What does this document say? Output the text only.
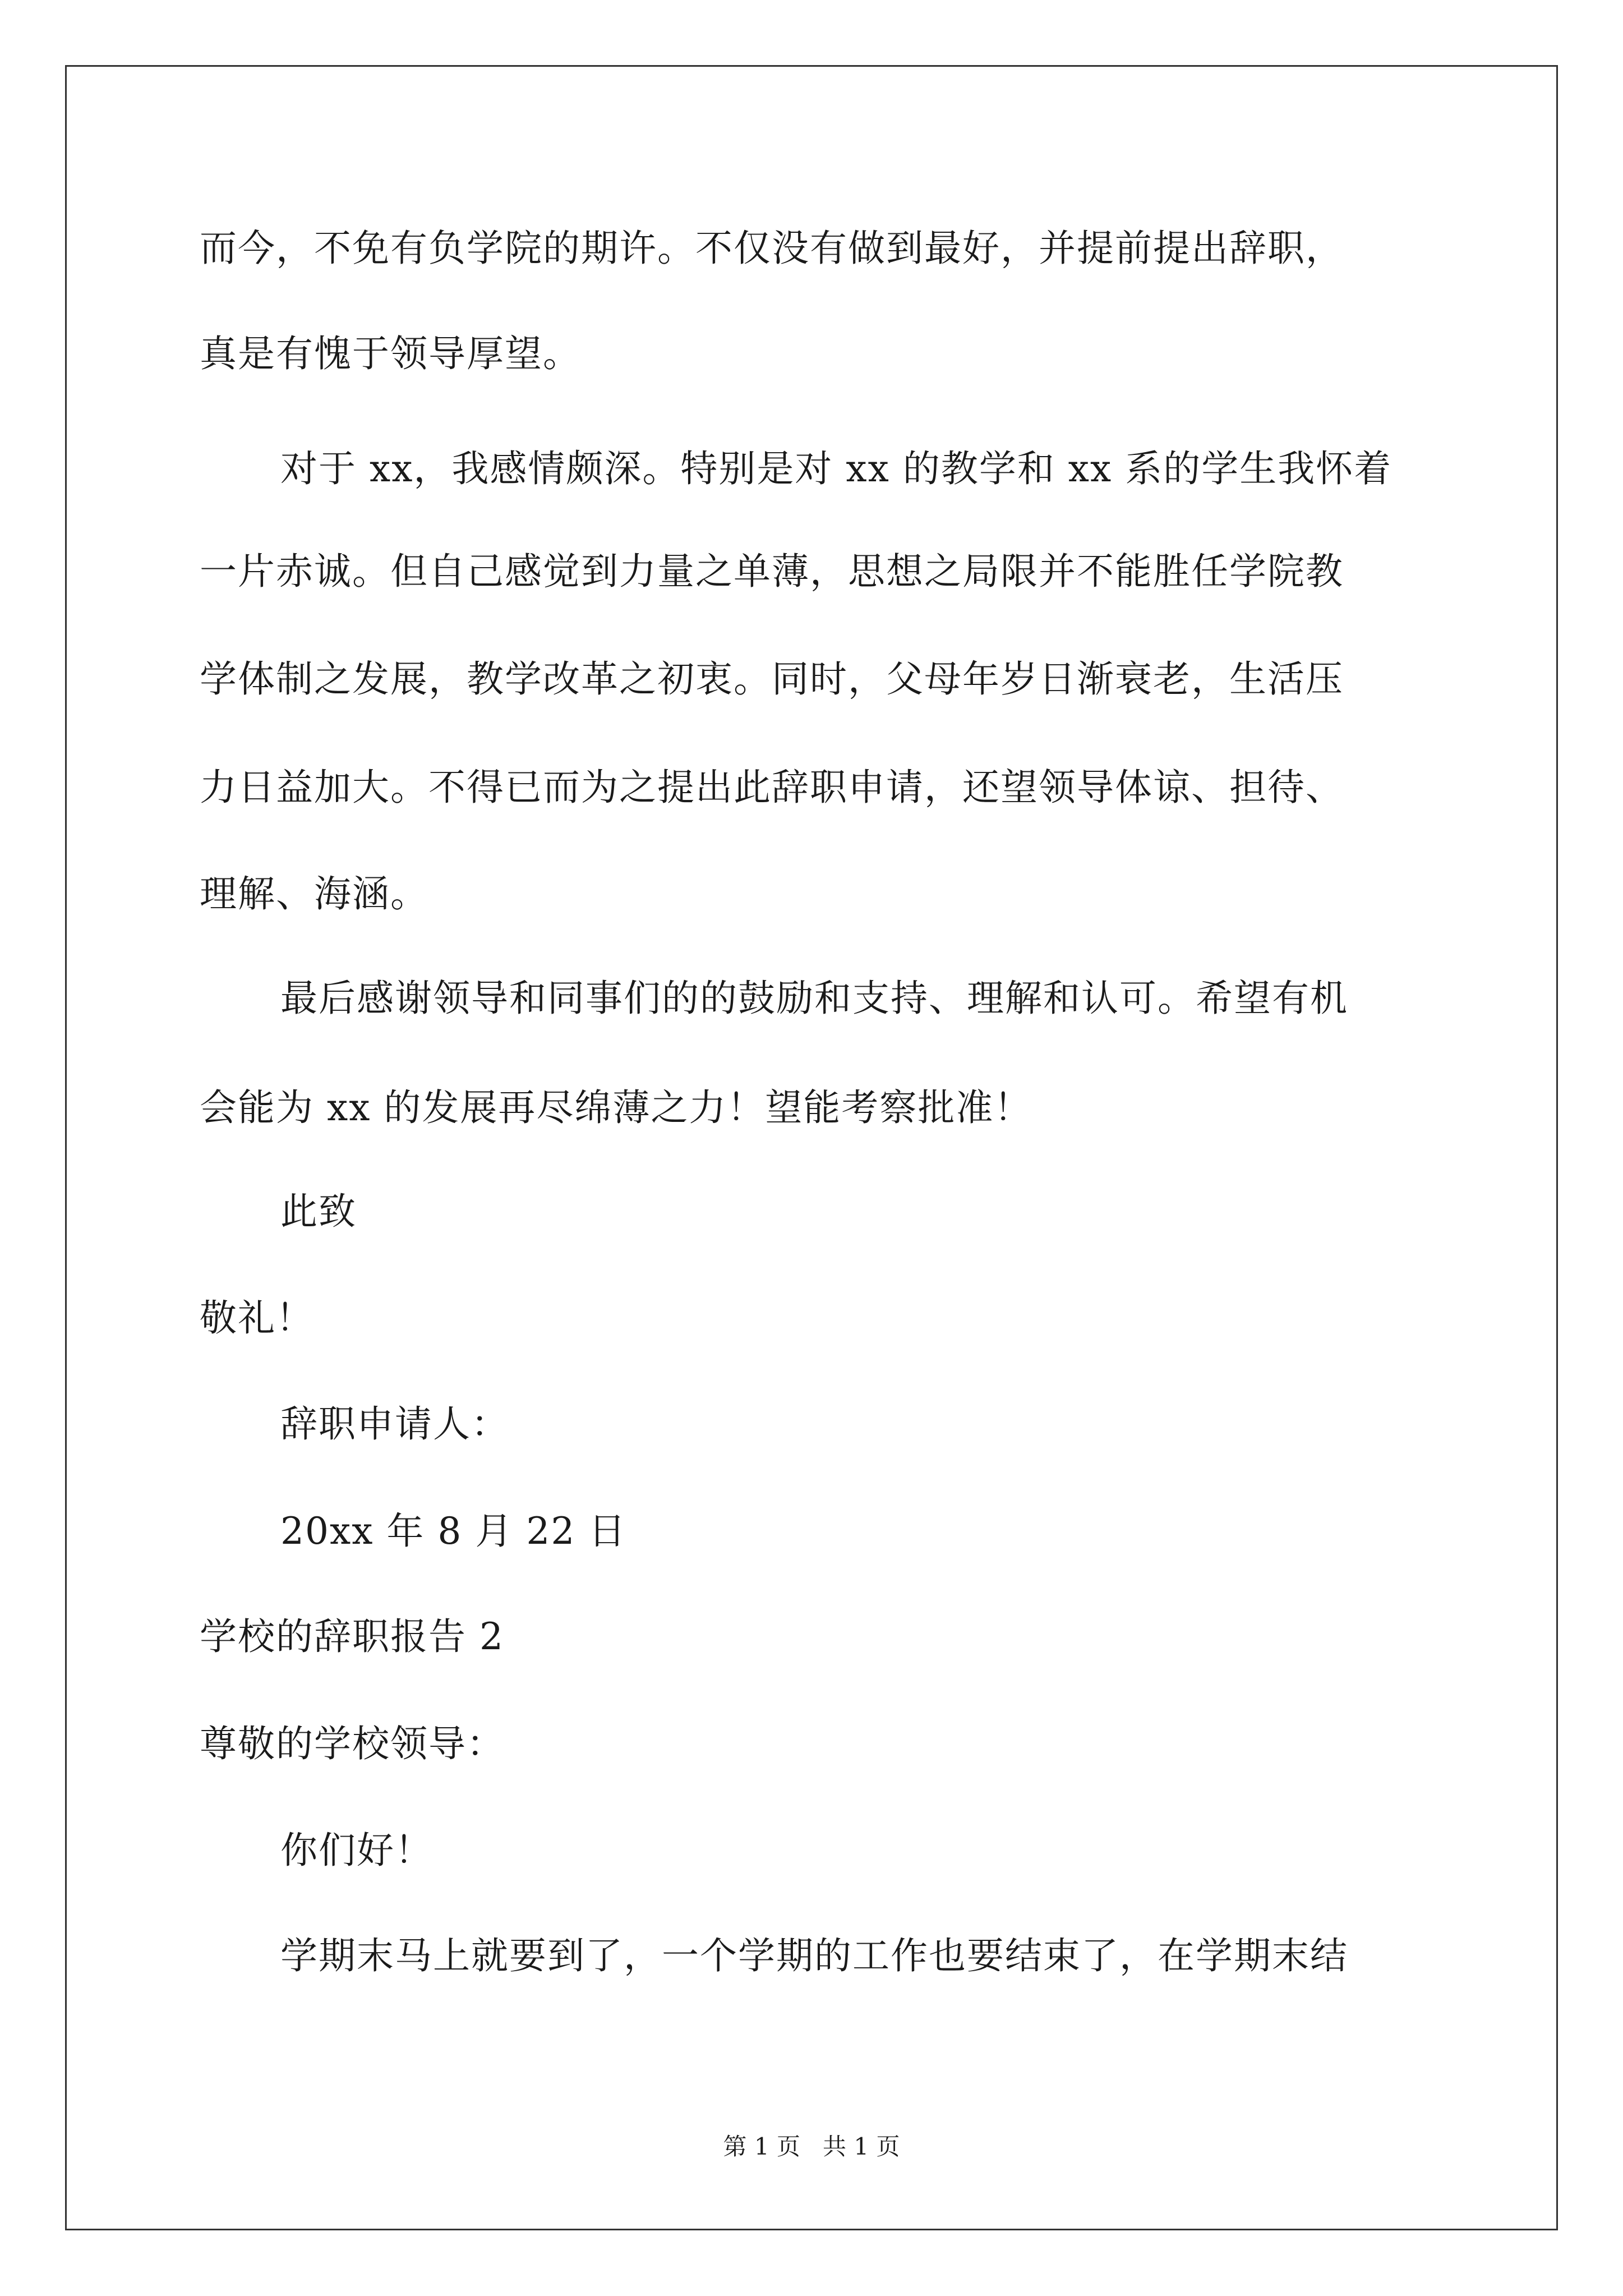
而今，不免有负学院的期许。不仅没有做到最好，并提前提出辞职，
真是有愧于领导厚望。
对于 xx，我感情颇深。特别是对 xx 的教学和 xx 系的学生我怀着
一片赤诚。但自己感觉到力量之单薄，思想之局限并不能胜任学院教
学体制之发展，教学改革之初衷。同时，父母年岁日渐衰老，生活压
力日益加大。不得已而为之提出此辞职申请，还望领导体谅、担待、
理解、海涵。
最后感谢领导和同事们的的鼓励和支持、理解和认可。希望有机
会能为 xx 的发展再尽绵薄之力！望能考察批准！
此致
敬礼！
辞职申请人：
20xx 年 8 月 22 日
学校的辞职报告 2
尊敬的学校领导：
你们好！
学期末马上就要到了，一个学期的工作也要结束了，在学期末结
第 1 页   共 1 页
